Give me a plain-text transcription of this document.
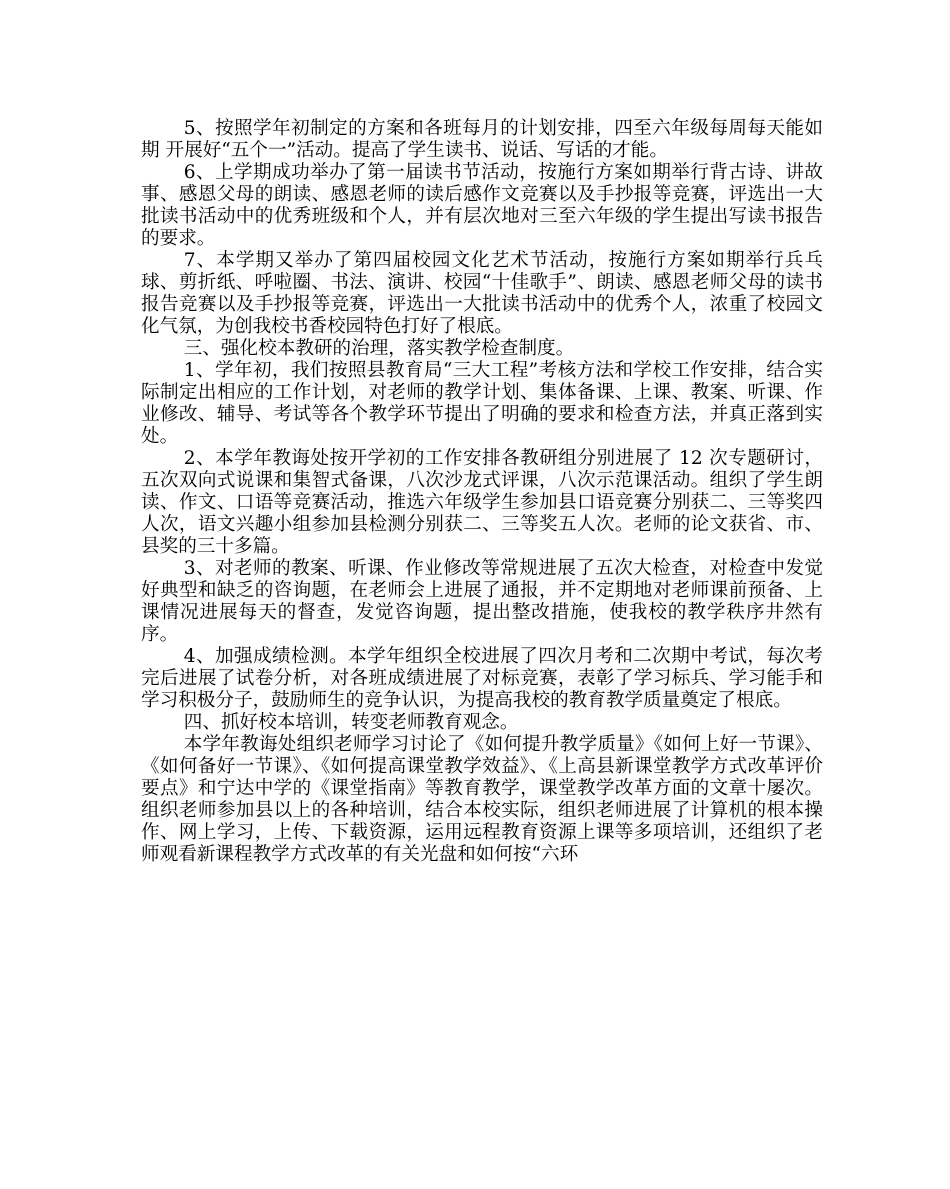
5、按照学年初制定的方案和各班每月的计划安排，四至六年级每周每天能如期 开展好“五个一”活动。提高了学生读书、说话、写话的才能。

6、上学期成功举办了第一届读书节活动，按施行方案如期举行背古诗、讲故事、感恩父母的朗读、感恩老师的读后感作文竞赛以及手抄报等竞赛，评选出一大批读书活动中的优秀班级和个人，并有层次地对三至六年级的学生提出写读书报告的要求。

7、本学期又举办了第四届校园文化艺术节活动，按施行方案如期举行兵乓球、剪折纸、呼啦圈、书法、演讲、校园“十佳歌手”、朗读、感恩老师父母的读书报告竞赛以及手抄报等竞赛，评选出一大批读书活动中的优秀个人，浓重了校园文化气氛，为创我校书香校园特色打好了根底。

三、强化校本教研的治理，落实教学检查制度。

1、学年初，我们按照县教育局“三大工程”考核方法和学校工作安排，结合实际制定出相应的工作计划，对老师的教学计划、集体备课、上课、教案、听课、作业修改、辅导、考试等各个教学环节提出了明确的要求和检查方法，并真正落到实处。

2、本学年教诲处按开学初的工作安排各教研组分别进展了 12 次专题研讨，五次双向式说课和集智式备课，八次沙龙式评课，八次示范课活动。组织了学生朗读、作文、口语等竞赛活动，推选六年级学生参加县口语竞赛分别获二、三等奖四人次，语文兴趣小组参加县检测分别获二、三等奖五人次。老师的论文获省、市、县奖的三十多篇。

3、对老师的教案、听课、作业修改等常规进展了五次大检查，对检查中发觉好典型和缺乏的咨询题，在老师会上进展了通报，并不定期地对老师课前预备、上课情况进展每天的督查，发觉咨询题，提出整改措施，使我校的教学秩序井然有序。

4、加强成绩检测。本学年组织全校进展了四次月考和二次期中考试，每次考完后进展了试卷分析，对各班成绩进展了对标竞赛，表彰了学习标兵、学习能手和学习积极分子，鼓励师生的竞争认识，为提高我校的教育教学质量奠定了根底。

四、抓好校本培训，转变老师教育观念。

本学年教诲处组织老师学习讨论了《如何提升教学质量》《如何上好一节课》、《如何备好一节课》、《如何提高课堂教学效益》、《上高县新课堂教学方式改革评价要点》和宁达中学的《课堂指南》等教育教学，课堂教学改革方面的文章十屡次。组织老师参加县以上的各种培训，结合本校实际，组织老师进展了计算机的根本操作、网上学习，上传、下载资源，运用远程教育资源上课等多项培训，还组织了老师观看新课程教学方式改革的有关光盘和如何按“六环
